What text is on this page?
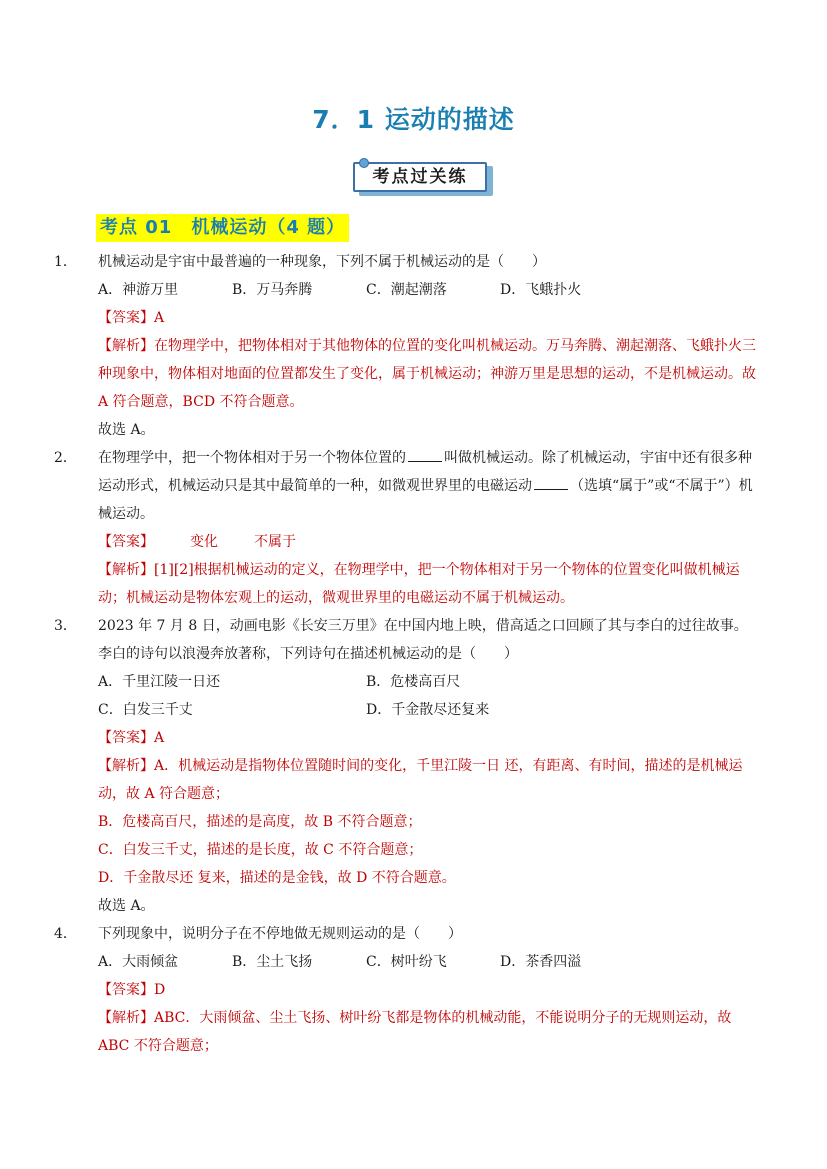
7．1 运动的描述
考点过关练
考点 01　机械运动（4 题）

1． 机械运动是宇宙中最普遍的一种现象，下列不属于机械运动的是（　　）

A．神游万里	B．万马奔腾	C．潮起潮落	D．飞蛾扑火

【答案】A

【解析】在物理学中，把物体相对于其他物体的位置的变化叫机械运动。万马奔腾、潮起潮落、飞蛾扑火三种现象中，物体相对地面的位置都发生了变化，属于机械运动；神游万里是思想的运动，不是机械运动。故 A 符合题意，BCD 不符合题意。

故选 A。

2． 在物理学中，把一个物体相对于另一个物体位置的	叫做机械运动。除了机械运动，宇宙中还有很多种运动形式，机械运动只是其中最简单的一种，如微观世界里的电磁运动	（选填“属于”或“不属于”）机械运动。

【答案】	变化	不属于

【解析】[1][2]根据机械运动的定义，在物理学中，把一个物体相对于另一个物体的位置变化叫做机械运动；机械运动是物体宏观上的运动，微观世界里的电磁运动不属于机械运动。

3． 2023 年 7 月 8 日，动画电影《长安三万里》在中国内地上映，借高适之口回顾了其与李白的过往故事。李白的诗句以浪漫奔放著称，下列诗句在描述机械运动的是（　　）

A．千里江陵一日还	B．危楼高百尺
C．白发三千丈	D．千金散尽还复来

【答案】A

【解析】A．机械运动是指物体位置随时间的变化，千里江陵一日 还，有距离、有时间，描述的是机械运动，故 A 符合题意；

B．危楼高百尺，描述的是高度，故 B 不符合题意；

C．白发三千丈，描述的是长度，故 C 不符合题意；

D．千金散尽还 复来，描述的是金钱，故 D 不符合题意。

故选 A。

4． 下列现象中，说明分子在不停地做无规则运动的是（　　）

A．大雨倾盆	B．尘土飞扬	C．树叶纷飞	D．茶香四溢

【答案】D

【解析】ABC．大雨倾盆、尘土飞扬、树叶纷飞都是物体的机械动能，不能说明分子的无规则运动，故 ABC 不符合题意；
